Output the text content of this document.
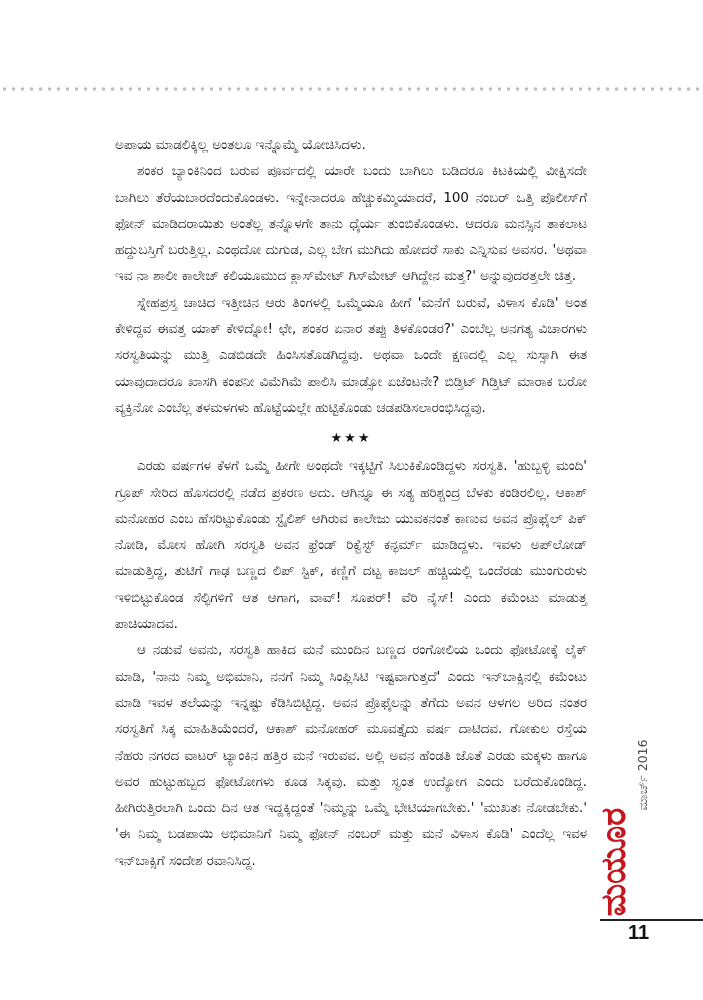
ಅಪಾಯ ಮಾಡಲಿಕ್ಕಿಲ್ಲ ಅಂತಲೂ ಇನ್ನೊಮ್ಮೆ ಯೋಚಿಸಿದಳು.

ಶಂಕರ ಬ್ಯಾಂಕಿನಿಂದ ಬರುವ ಪೂರ್ವದಲ್ಲಿ ಯಾರೇ ಬಂದು ಬಾಗಿಲು ಬಡಿದರೂ ಕಿಟಕಿಯಲ್ಲಿ ವೀಕ್ಷಿಸದೇ ಬಾಗಿಲು ತೆರೆಯಬಾರದೆಂದುಕೊಂಡಳು. ಇನ್ನೇನಾದರೂ ಹೆಚ್ಚುಕಮ್ಮಿಯಾದರೆ, 100 ನಂಬರ್ ಒತ್ತಿ ಪೊಲೀಸ್‌ಗೆ ಫೋನ್ ಮಾಡಿದರಾಯಿತು ಅಂತೆಲ್ಲ ತನ್ನೊಳಗೇ ತಾನು ಧೈರ್ಯ ತುಂಬಿಕೊಂಡಳು. ಆದರೂ ಮನಸ್ಸಿನ ತಾಕಲಾಟ ಹದ್ದುಬಸ್ತಿಗೆ ಬರುತ್ತಿಲ್ಲ. ಎಂಥದೋ ದುಗುಡ, ಎಲ್ಲ ಬೇಗ ಮುಗಿದು ಹೋದರೆ ಸಾಕು ಎನ್ನಿಸುವ ಅವಸರ. 'ಅಥವಾ ಇವ ನಾ ಶಾಲೀ ಕಾಲೇಜ್ ಕಲಿಯೂಮುದ ಕ್ಲಾಸ್‌ಮೇಟ್ ಗಿಸ್‌ಮೇಟ್ ಆಗಿದ್ದೇನ ಮತ್ತ?' ಅನ್ನುವುದರತ್ತಲೇ ಚಿತ್ತ.

ಸ್ನೇಹಪ್ರಸ್ತ ಚಾಚಿದ ಇತ್ತೀಚಿನ ಆರು ತಿಂಗಳಲ್ಲಿ ಒಮ್ಮೆಯೂ ಹೀಗೆ 'ಮನೆಗೆ ಬರುವೆ, ವಿಳಾಸ ಕೊಡಿ' ಅಂತ ಕೇಳಿದ್ದವ ಈವತ್ತ ಯಾಕ್ ಕೇಳಿದ್ನೋ! ಛೇ, ಶಂಕರ ಏನಾರ ತಪ್ಪು ತಿಳಕೊಂಡರ?' ಎಂಬೆಲ್ಲ ಅನಗತ್ಯ ವಿಚಾರಗಳು ಸರಸ್ವತಿಯನ್ನು ಮುತ್ತಿ ಎಡಬಿಡದೇ ಹಿಂಸಿಸತೊಡಗಿದ್ದವು. ಅಥವಾ ಒಂದೇ ಕ್ಷಣದಲ್ಲಿ ಎಲ್ಲ ಸುಸ್ಸಾಗಿ ಈತ ಯಾವುದಾದರೂ ಖಾಸಗಿ ಕಂಪನೀ ವಿಮೆಗಿಮೆ ಪಾಲಿಸಿ ಮಾಡ್ಸೋ ಏಜೆಂಟನೇ? ಬಿಡ್ತಿಟ್ ಗಿಡ್ತಿಟ್ ಮಾರಾಕ ಬರೋ ವ್ಯಕ್ತಿನೋ ಎಂಬೆಲ್ಲ ತಳಮಳಗಳು ಹೊಟ್ಟೆಯಲ್ಲೇ ಹುಟ್ಟಿಕೊಂಡು ಚಡಪಡಿಸಲಾರಂಭಿಸಿದ್ದವು.

★★★

ಎರಡು ವರ್ಷಗಳ ಕೆಳಗೆ ಒಮ್ಮೆ ಹೀಗೇ ಅಂಥದೇ ಇಕ್ಕಟ್ಟಿಗೆ ಸಿಲುಕಿಕೊಂಡಿದ್ದಳು ಸರಸ್ವತಿ. 'ಹುಬ್ಬಳ್ಳಿ ಮಂದಿ' ಗ್ರೂಪ್ ಸೇರಿದ ಹೊಸದರಲ್ಲಿ ನಡೆದ ಪ್ರಕರಣ ಅದು. ಆಗಿನ್ನೂ ಈ ಸತ್ಯ ಹರಿಶ್ಚಂದ್ರ ಬೆಳಕು ಕಂಡಿರಲಿಲ್ಲ. ಆಕಾಶ್ ಮನೋಹರ ಎಂಬ ಹೆಸರಿಟ್ಟುಕೊಂಡು ಸ್ಟೈಲಿಶ್ ಆಗಿರುವ ಕಾಲೇಜು ಯುವಕನಂತೆ ಕಾಣುವ ಅವನ ಪ್ರೊಫೈಲ್ ಪಿಕ್ ನೋಡಿ, ಮೋಸ ಹೋಗಿ ಸರಸ್ವತಿ ಅವನ ಫ್ರೆಂಡ್ ರಿಕ್ವೆಸ್ಟ್ ಕನ್ಫರ್ಮ್ ಮಾಡಿದ್ದಳು. ಇವಳು ಅಪ್‌ಲೋಡ್ ಮಾಡುತ್ತಿದ್ದ, ತುಟಿಗೆ ಗಾಢ ಬಣ್ಣದ ಲಿಪ್ ಸ್ಟಿಕ್, ಕಣ್ಣಿಗೆ ದಟ್ಟ ಕಾಜಲ್ ಹಚ್ಚಿಯಲ್ಲಿ ಒಂದೆರಡು ಮುಂಗುರುಳು ಇಳಿಬಿಟ್ಟುಕೊಂಡ ಸೆಲ್ಫಿಗಳಿಗೆ ಆತ ಆಗಾಗ, ವಾವ್! ಸೂಪರ್! ವೆರಿ ನೈಸ್! ಎಂದು ಕಮೆಂಟು ಮಾಡುತ್ತ ಪಾಚಿಯಾದವ.

ಆ ನಡುವೆ ಅವನು, ಸರಸ್ವತಿ ಹಾಕಿದ ಮನೆ ಮುಂದಿನ ಬಣ್ಣದ ರಂಗೋಲಿಯ ಒಂದು ಫೋಟೋಕ್ಕೆ ಲೈಕ್ ಮಾಡಿ, 'ನಾನು ನಿಮ್ಮ ಅಭಿಮಾನಿ, ನನಗೆ ನಿಮ್ಮ ಸಿಂಪ್ಲಿಸಿಟಿ ಇಷ್ಟವಾಗುತ್ತದೆ' ಎಂದು ಇನ್‌ಬಾಕ್ಸಿನಲ್ಲಿ ಕಮೆಂಟು ಮಾಡಿ ಇವಳ ತಲೆಯನ್ನು ಇನ್ನಷ್ಟು ಕೆಡಿಸಿಬಿಟ್ಟಿದ್ದ. ಅವನ ಪ್ರೊಫೈಲನ್ನು ತೆಗೆದು ಅವನ ಆಳಗಲ ಅರಿದ ನಂತರ ಸರಸ್ವತಿಗೆ ಸಿಕ್ಕ ಮಾಹಿತಿಯೆಂದರೆ, ಆಕಾಶ್ ಮನೋಹರ್ ಮೂವತ್ತೈದು ವರ್ಷ ದಾಟಿದವ. ಗೋಕುಲ ರಸ್ತೆಯ ನೆಹರು ನಗರದ ವಾಟರ್ ಟ್ಯಾಂಕಿನ ಹತ್ತಿರ ಮನೆ ಇರುವವ. ಅಲ್ಲಿ ಅವನ ಹೆಂಡತಿ ಜೊತೆ ಎರಡು ಮಕ್ಕಳು ಹಾಗೂ ಅವರ ಹುಟ್ಟುಹಬ್ಬದ ಫೋಟೋಗಳು ಕೂಡ ಸಿಕ್ಕವು. ಮತ್ತು ಸ್ವಂತ ಉದ್ಯೋಗ ಎಂದು ಬರೆದುಕೊಂಡಿದ್ದ. ಹೀಗಿರುತ್ತಿರಲಾಗಿ ಒಂದು ದಿನ ಆತ ಇದ್ದಕ್ಕಿದ್ದಂತೆ 'ನಿಮ್ಮನ್ನು ಒಮ್ಮೆ ಭೇಟಿಯಾಗಬೇಕು.' 'ಮುಖತಃ ನೋಡಬೇಕು.' 'ಈ ನಿಮ್ಮ ಬಡಪಾಯಿ ಅಭಿಮಾನಿಗೆ ನಿಮ್ಮ ಫೋನ್ ನಂಬರ್ ಮತ್ತು ಮನೆ ವಿಳಾಸ ಕೊಡಿ' ಎಂದೆಲ್ಲ ಇವಳ ಇನ್‌ಬಾಕ್ಸಿಗೆ ಸಂದೇಶ ರವಾನಿಸಿದ್ದ.	ಮಯೂರ
ಮಾರ್ಚ್ 2016
11
